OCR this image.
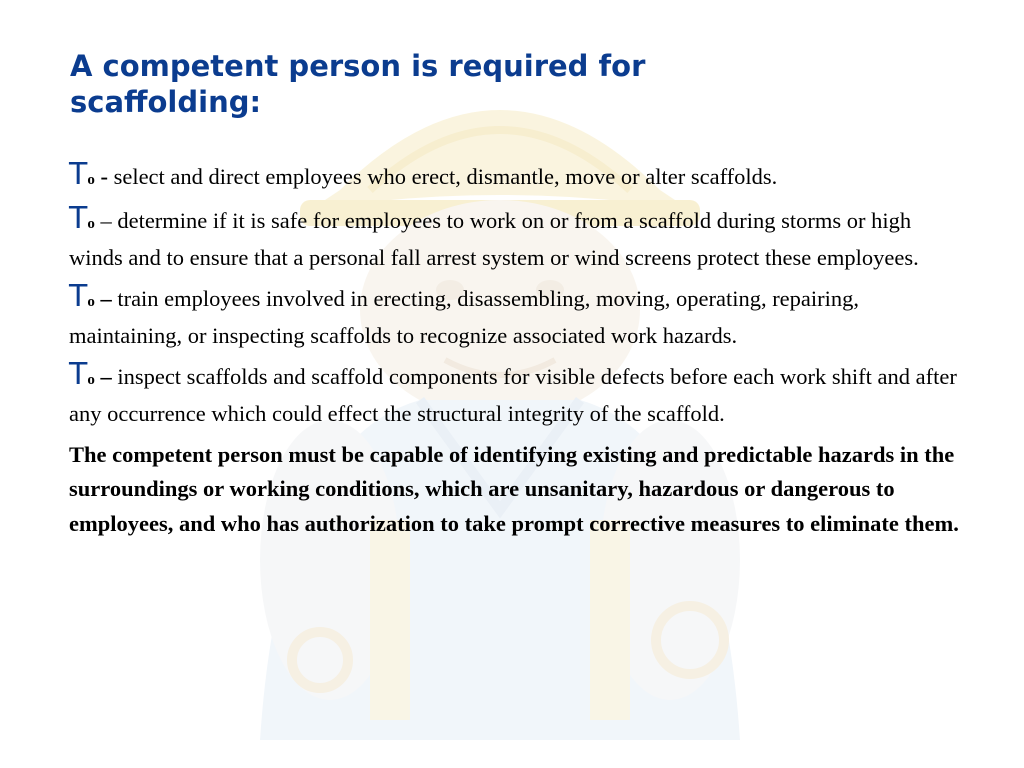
A competent person is required for scaffolding:

To - select and direct employees who erect, dismantle, move or alter scaffolds.

To – determine if it is safe for employees to work on or from a scaffold during storms or high winds and to ensure that a personal fall arrest system or wind screens protect these employees.

To – train employees involved in erecting, disassembling, moving, operating, repairing, maintaining, or inspecting scaffolds to recognize associated work hazards.

To – inspect scaffolds and scaffold components for visible defects before each work shift and after any occurrence which could effect the structural integrity of the scaffold.

The competent person must be capable of identifying existing and predictable hazards in the surroundings or working conditions, which are unsanitary, hazardous or dangerous to employees, and who has authorization to take prompt corrective measures to eliminate them.
